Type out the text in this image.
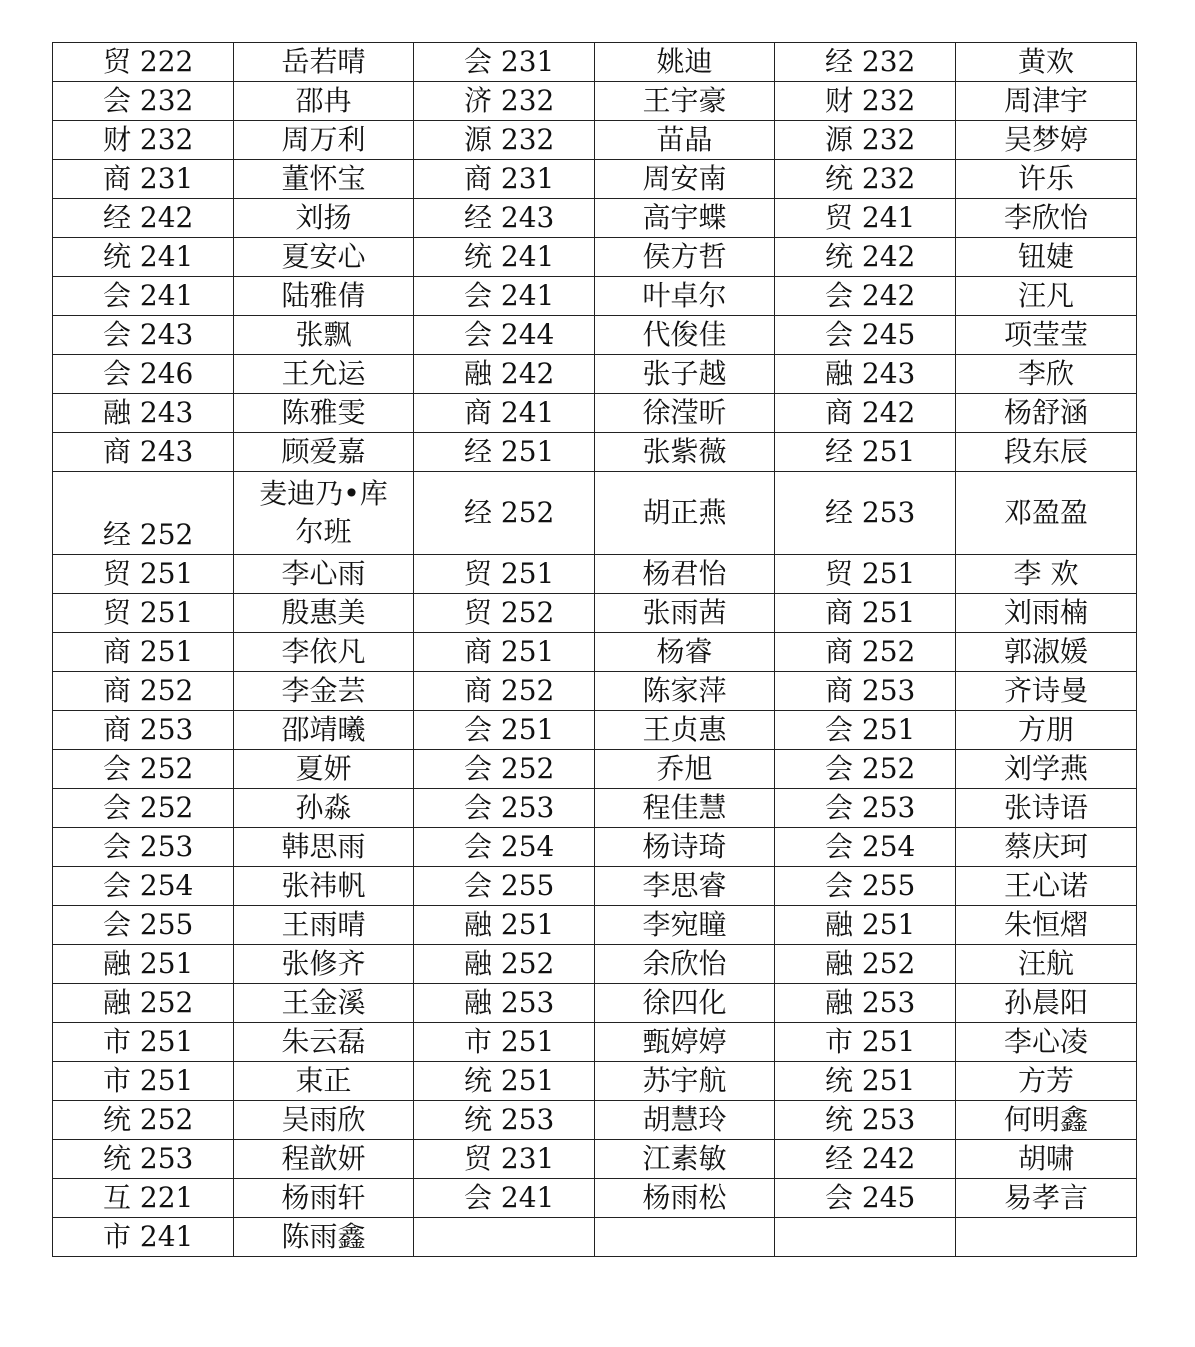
贸 222	岳若晴	会 231	姚迪	经 232	黄欢
会 232	邵冉	济 232	王宇豪	财 232	周津宇
财 232	周万利	源 232	苗晶	源 232	吴梦婷
商 231	董怀宝	商 231	周安南	统 232	许乐
经 242	刘扬	经 243	高宇蝶	贸 241	李欣怡
统 241	夏安心	统 241	侯方哲	统 242	钮婕
会 241	陆雅倩	会 241	叶卓尔	会 242	汪凡
会 243	张飘	会 244	代俊佳	会 245	项莹莹
会 246	王允运	融 242	张子越	融 243	李欣
融 243	陈雅雯	商 241	徐滢昕	商 242	杨舒涵
商 243	顾爱嘉	经 251	张紫薇	经 251	段东辰
经 252	麦迪乃•库尔班	经 252	胡正燕	经 253	邓盈盈
贸 251	李心雨	贸 251	杨君怡	贸 251	李 欢
贸 251	殷惠美	贸 252	张雨茜	商 251	刘雨楠
商 251	李依凡	商 251	杨睿	商 252	郭淑媛
商 252	李金芸	商 252	陈家萍	商 253	齐诗曼
商 253	邵靖曦	会 251	王贞惠	会 251	方朋
会 252	夏妍	会 252	乔旭	会 252	刘学燕
会 252	孙淼	会 253	程佳慧	会 253	张诗语
会 253	韩思雨	会 254	杨诗琦	会 254	蔡庆珂
会 254	张祎帆	会 255	李思睿	会 255	王心诺
会 255	王雨晴	融 251	李宛瞳	融 251	朱恒熠
融 251	张修齐	融 252	余欣怡	融 252	汪航
融 252	王金溪	融 253	徐四化	融 253	孙晨阳
市 251	朱云磊	市 251	甄婷婷	市 251	李心凌
市 251	束正	统 251	苏宇航	统 251	方芳
统 252	吴雨欣	统 253	胡慧玲	统 253	何明鑫
统 253	程歆妍	贸 231	江素敏	经 242	胡啸
互 221	杨雨轩	会 241	杨雨松	会 245	易孝言
市 241	陈雨鑫				
